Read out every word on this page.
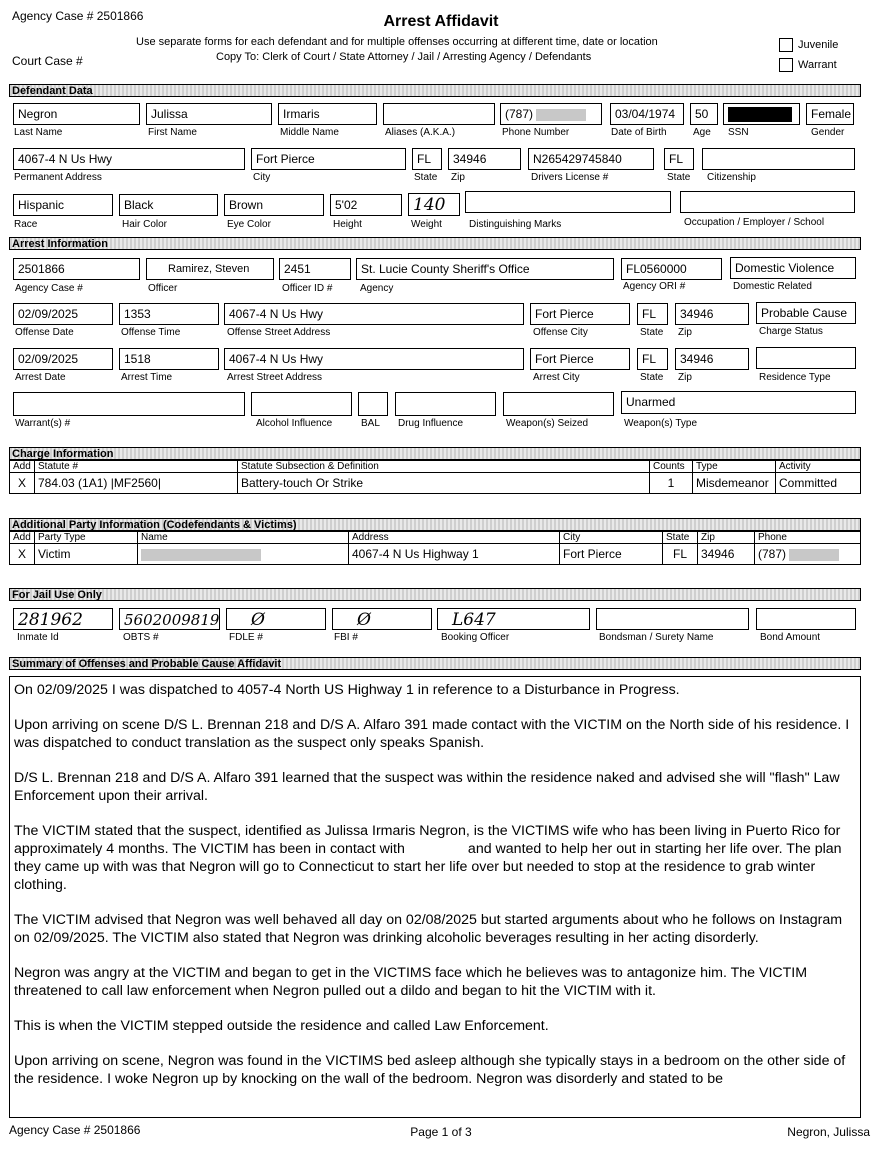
Agency Case # 2501866	Arrest Affidavit
Use separate forms for each defendant and for multiple offenses occurring at different time, date or location
Copy To: Clerk of Court / State Attorney / Jail / Arresting Agency / Defendants
Court Case #
Juvenile
Warrant
Defendant Data
Negron
Last Name
Julissa
First Name
Irmaris
Middle Name	Aliases (A.K.A.)
(787)
Phone Number
03/04/1974
Date of Birth
50
Age SSN
Female
Gender
4067-4 N Us Hwy
Permanent Address
Fort Pierce
City
FL
State
34946
Zip
N265429745840
Drivers License #
FL
State Citizenship
Hispanic
Race
Black
Hair Color
Brown
Eye Color
5'02
Height
140
Weight	Distinguishing Marks	Occupation / Employer / School
Arrest Information
2501866
Agency Case #
Ramirez, Steven
Officer
2451
Officer ID #
St. Lucie County Sheriff's Office
Agency
FL0560000
Agency ORI #
Domestic Violence
Domestic Related
02/09/2025
Offense Date
1353
Offense Time
4067-4 N Us Hwy
Offense Street Address
Fort Pierce
Offense City
FL
State
34946
Zip
Probable Cause
Charge Status
02/09/2025
Arrest Date
1518
Arrest Time
4067-4 N Us Hwy
Arrest Street Address
Fort Pierce
Arrest City
FL
State
34946
Zip	Residence Type
Warrant(s) #	Alcohol Influence	BAL Drug Influence	Weapon(s) Seized
Unarmed
Weapon(s) Type
Charge Information
Add	Statute #	Statute Subsection & Definition	Counts	Type	Activity
X	784.03 (1A1) |MF2560|	Battery-touch Or Strike	1	Misdemeanor	Committed
Additional Party Information (Codefendants & Victims)
Add	Party Type	Name	Address	City	State	Zip	Phone
X	Victim		4067-4 N Us Highway 1	Fort Pierce	FL	34946	(787)
For Jail Use Only
281962
Inmate Id
5602009819
OBTS #
Ø
FDLE #
Ø
FBI #
L647
Booking Officer	Bondsman / Surety Name	Bond Amount
Summary of Offenses and Probable Cause Affidavit

On 02/09/2025 I was dispatched to 4057-4 North US Highway 1 in reference to a Disturbance in Progress.

Upon arriving on scene D/S L. Brennan 218 and D/S A. Alfaro 391 made contact with the VICTIM on the North side of his residence. I was dispatched to conduct translation as the suspect only speaks Spanish.

D/S L. Brennan 218 and D/S A. Alfaro 391 learned that the suspect was within the residence naked and advised she will "flash" Law Enforcement upon their arrival.

The VICTIM stated that the suspect, identified as Julissa Irmaris Negron, is the VICTIMS wife who has been living in Puerto Rico for approximately 4 months. The VICTIM has been in contact with                and wanted to help her out in starting her life over. The plan they came up with was that Negron will go to Connecticut to start her life over but needed to stop at the residence to grab winter clothing.

The VICTIM advised that Negron was well behaved all day on 02/08/2025 but started arguments about who he follows on Instagram on 02/09/2025. The VICTIM also stated that Negron was drinking alcoholic beverages resulting in her acting disorderly.

Negron was angry at the VICTIM and began to get in the VICTIMS face which he believes was to antagonize him. The VICTIM threatened to call law enforcement when Negron pulled out a dildo and began to hit the VICTIM with it.

This is when the VICTIM stepped outside the residence and called Law Enforcement.

Upon arriving on scene, Negron was found in the VICTIMS bed asleep although she typically stays in a bedroom on the other side of the residence. I woke Negron up by knocking on the wall of the bedroom. Negron was disorderly and stated to be

Agency Case # 2501866	Page 1 of 3	Negron, Julissa
